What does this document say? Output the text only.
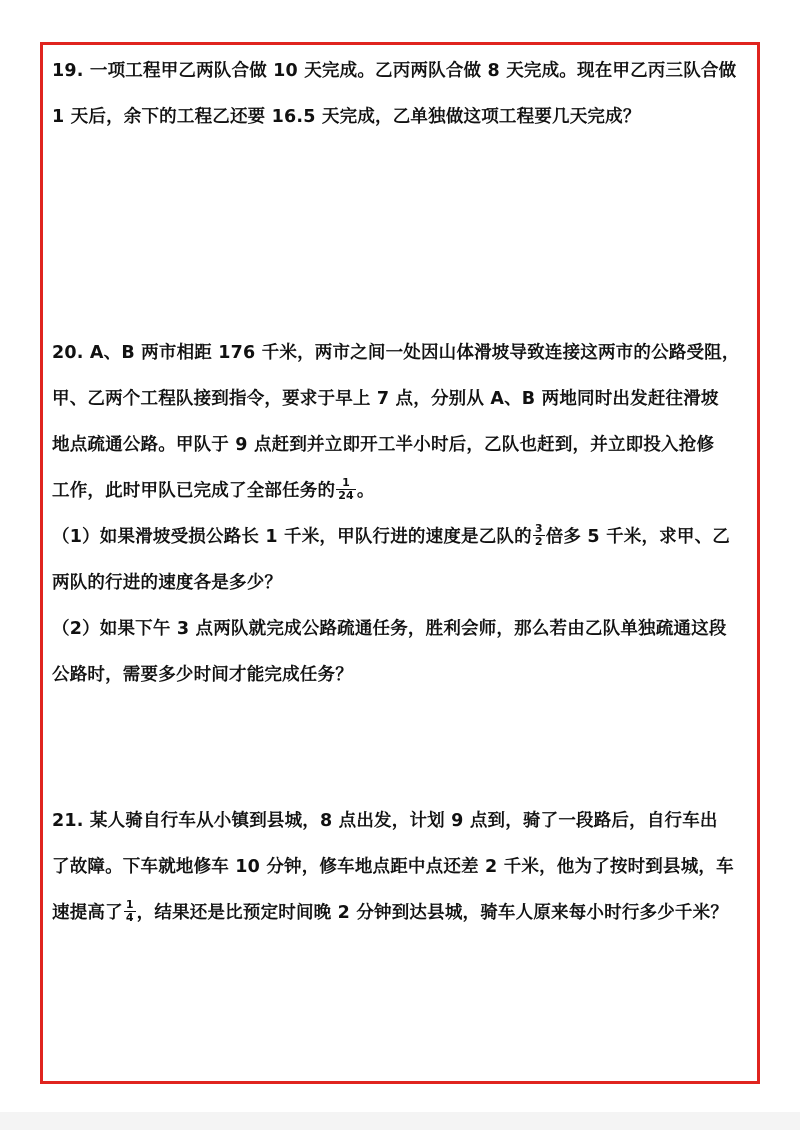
19. 一项工程甲乙两队合做 10 天完成。乙丙两队合做 8 天完成。现在甲乙丙三队合做
1 天后，余下的工程乙还要 16.5 天完成，乙单独做这项工程要几天完成？
20. A、B 两市相距 176 千米，两市之间一处因山体滑坡导致连接这两市的公路受阻，
甲、乙两个工程队接到指令，要求于早上 7 点，分别从 A、B 两地同时出发赶往滑坡
地点疏通公路。甲队于 9 点赶到并立即开工半小时后，乙队也赶到，并立即投入抢修
工作，此时甲队已完成了全部任务的 $\frac{1}{24}$ 。
（1）如果滑坡受损公路长 1 千米，甲队行进的速度是乙队的 $\frac{3}{2}$ 倍多 5 千米，求甲、乙
两队的行进的速度各是多少？
（2）如果下午 3 点两队就完成公路疏通任务，胜利会师，那么若由乙队单独疏通这段
公路时，需要多少时间才能完成任务？
21. 某人骑自行车从小镇到县城，8 点出发，计划 9 点到，骑了一段路后，自行车出
了故障。下车就地修车 10 分钟，修车地点距中点还差 2 千米，他为了按时到县城，车
速提高了 $\frac{1}{4}$ ，结果还是比预定时间晚 2 分钟到达县城，骑车人原来每小时行多少千米？
